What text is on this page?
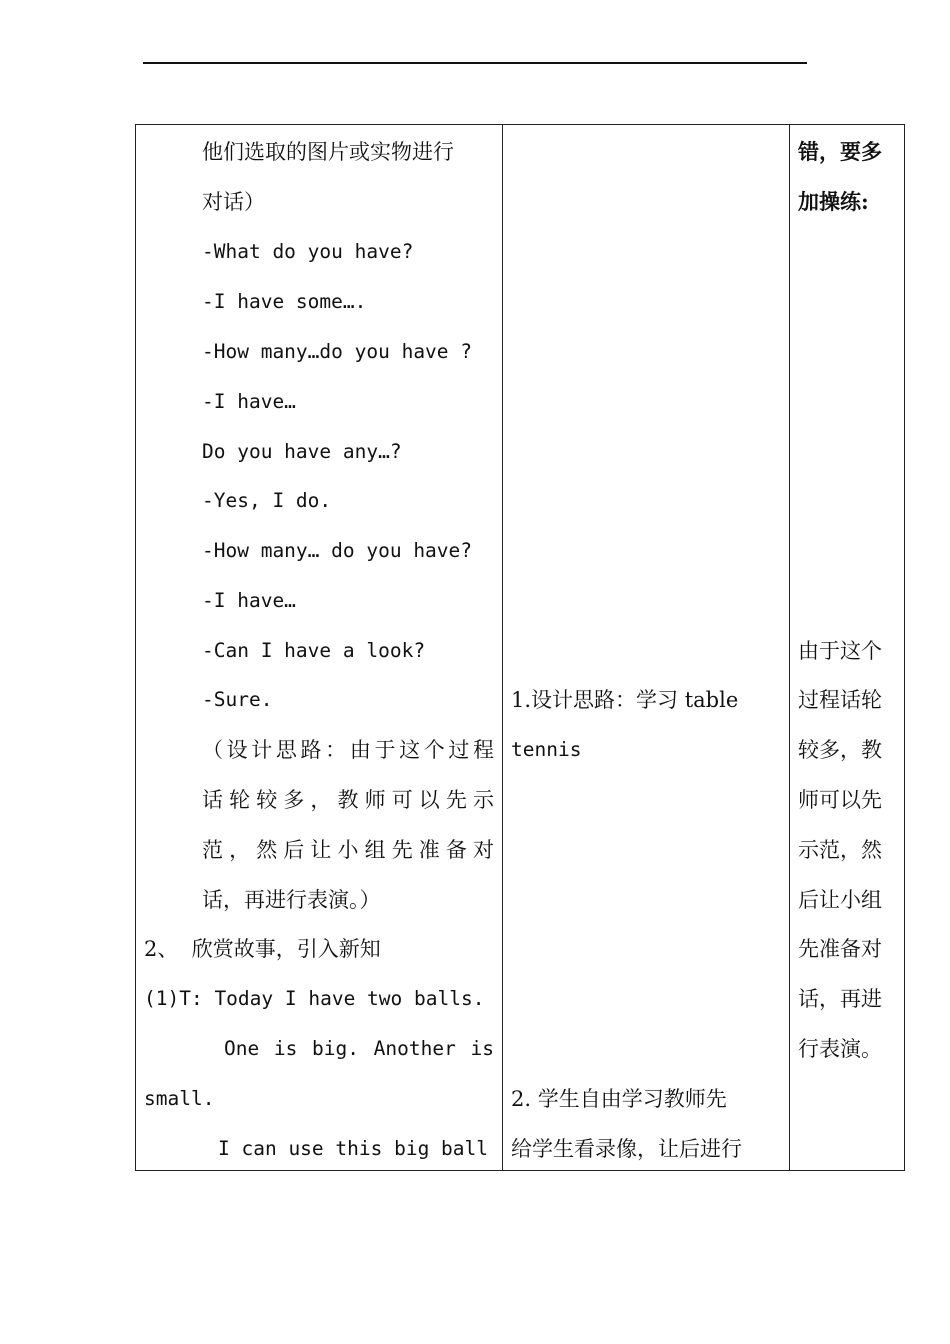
他们选取的图片或实物进行
对话）
-What do you have?
-I have some….
-How many…do you have ?
-I have…
Do you have any…?
-Yes, I do.
-How many… do you have?
-I have…
-Can I have a look?
-Sure.
（设计思路：由于这个过程
话轮较多，教师可以先示
范，然后让小组先准备对
话，再进行表演。）
2、  欣赏故事，引入新知
(1)T: Today I have two balls.
One is big. Another is
small.
I can use this big ball
1.设计思路：学习 table
tennis
2. 学生自由学习教师先
给学生看录像，让后进行
错，要多
加操练:
由于这个
过程话轮
较多，教
师可以先
示范，然
后让小组
先准备对
话，再进
行表演。
